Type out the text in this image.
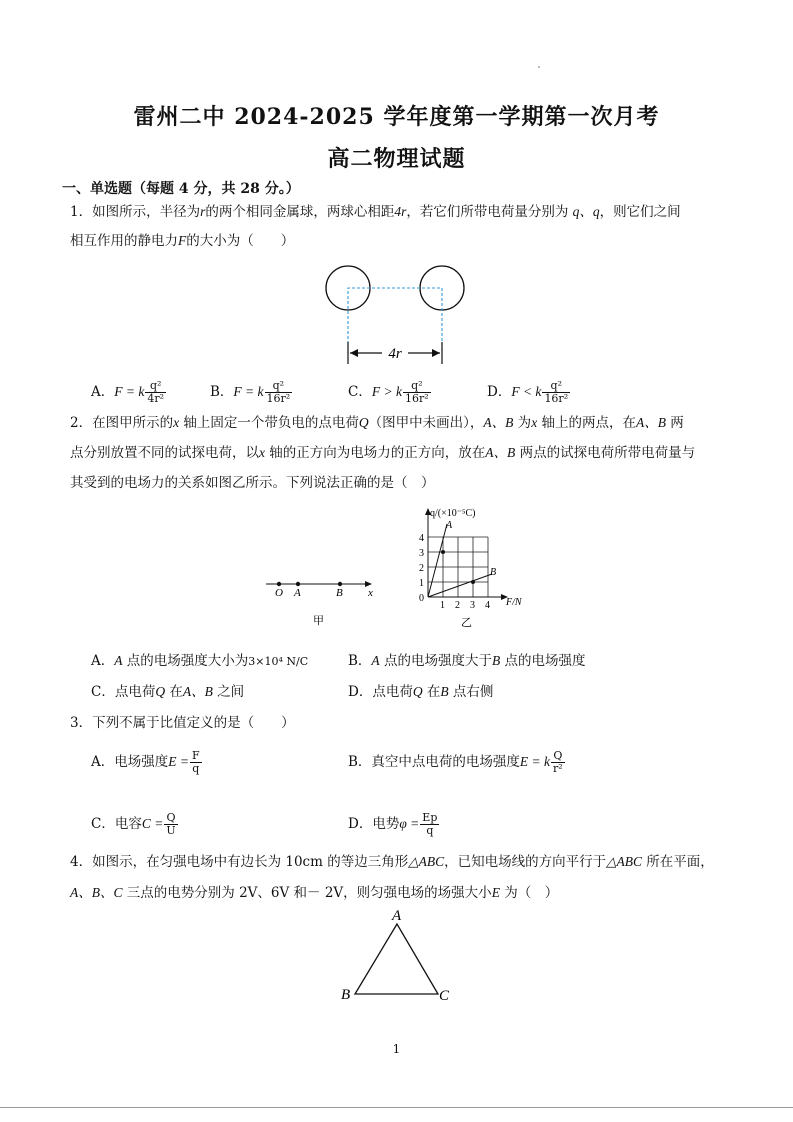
雷州二中 2024-2025 学年度第一学期第一次月考
高二物理试题
一、单选题（每题 4 分，共 28 分。）
1．如图所示，半径为r的两个相同金属球，两球心相距4r，若它们所带电荷量分别为 q、q，则它们之间
相互作用的静电力F的大小为（　　）
4r
A．F = k $\frac{\text{q²}}{\text{4r²}}$	B．F = k $\frac{\text{q²}}{\text{16r²}}$	C．F > k $\frac{\text{q²}}{\text{16r²}}$	D．F < k $\frac{\text{q²}}{\text{16r²}}$
2．在图甲所示的x 轴上固定一个带负电的点电荷Q（图甲中未画出），A、B 为x 轴上的两点，在A、B 两
点分别放置不同的试探电荷，以x 轴的正方向为电场力的正方向，放在A、B 两点的试探电荷所带电荷量与
其受到的电场力的关系如图乙所示。下列说法正确的是（　）
O A	B x
甲
A
B
q/(×10⁻⁵C)
F/N
0
1
2
3
4
1 2 3 4
乙
A．A 点的电场强度大小为3×10⁴ N/C	B．A 点的电场强度大于B 点的电场强度
C．点电荷Q 在A、B 之间	D．点电荷Q 在B 点右侧
3．下列不属于比值定义的是（　　）
A．电场强度$E = \frac{F}{q}$	B．真空中点电荷的电场强度E = k $\frac{Q}{\text{r²}}$
C．电容$C = \frac{Q}{U}$	D．电势$\varphi = \frac{Ep}{q}$
4．如图示，在匀强电场中有边长为 10cm 的等边三角形△ABC，已知电场线的方向平行于△ABC 所在平面，
A、B、C 三点的电势分别为 2V、6V 和－ 2V，则匀强电场的场强大小E 为（　）
A
B	C
1
